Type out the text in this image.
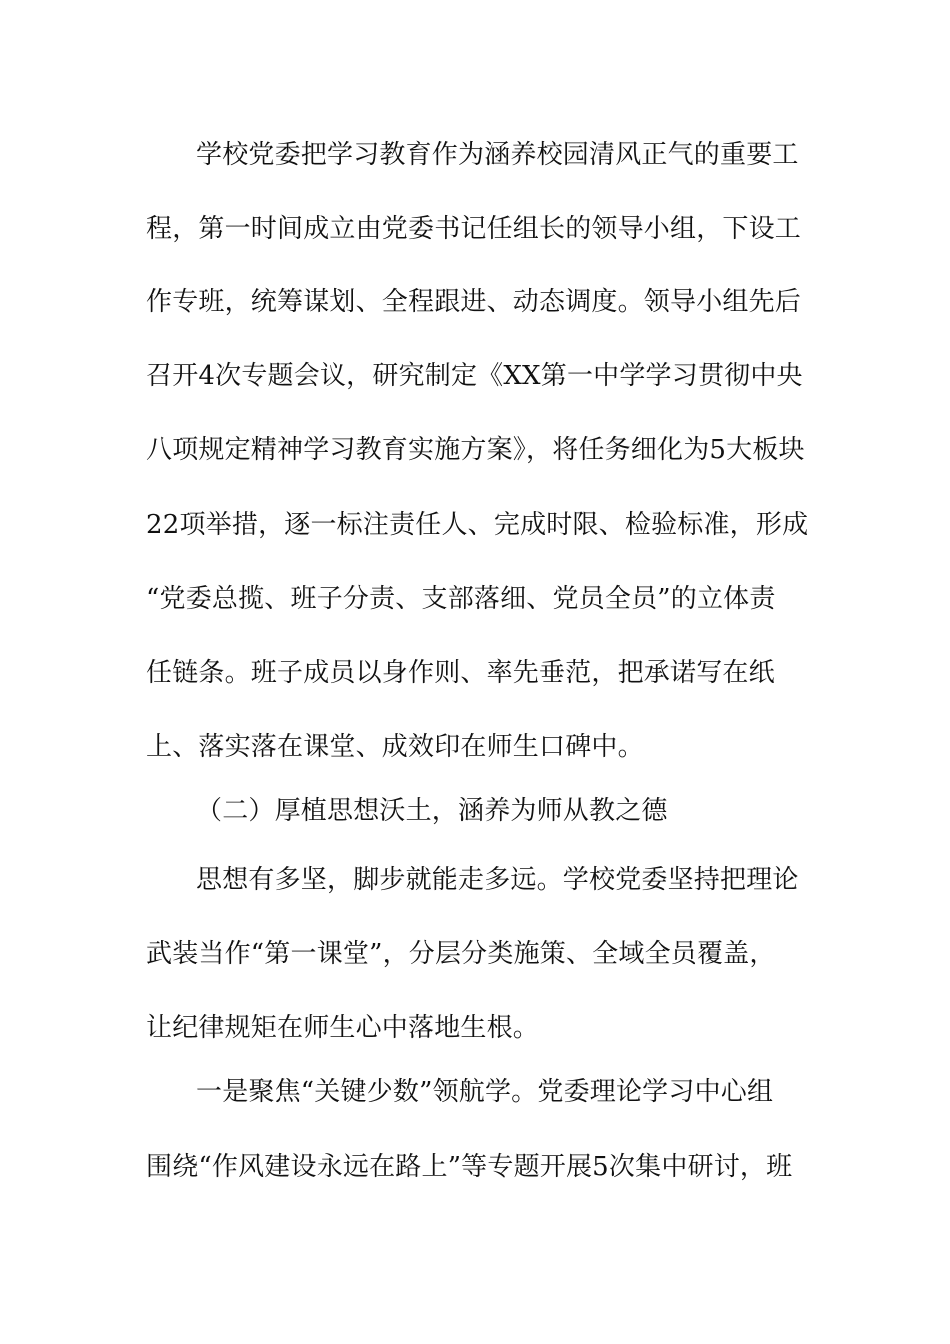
学校党委把学习教育作为涵养校园清风正气的重要工
程，第一时间成立由党委书记任组长的领导小组，下设工
作专班，统筹谋划、全程跟进、动态调度。领导小组先后
召开4次专题会议，研究制定《XX第一中学学习贯彻中央
八项规定精神学习教育实施方案》，将任务细化为5大板块
22项举措，逐一标注责任人、完成时限、检验标准，形成
“党委总揽、班子分责、支部落细、党员全员”的立体责
任链条。班子成员以身作则、率先垂范，把承诺写在纸
上、落实落在课堂、成效印在师生口碑中。
（二）厚植思想沃土，涵养为师从教之德
思想有多坚，脚步就能走多远。学校党委坚持把理论
武装当作“第一课堂”，分层分类施策、全域全员覆盖，
让纪律规矩在师生心中落地生根。
一是聚焦“关键少数”领航学。党委理论学习中心组
围绕“作风建设永远在路上”等专题开展5次集中研讨，班
